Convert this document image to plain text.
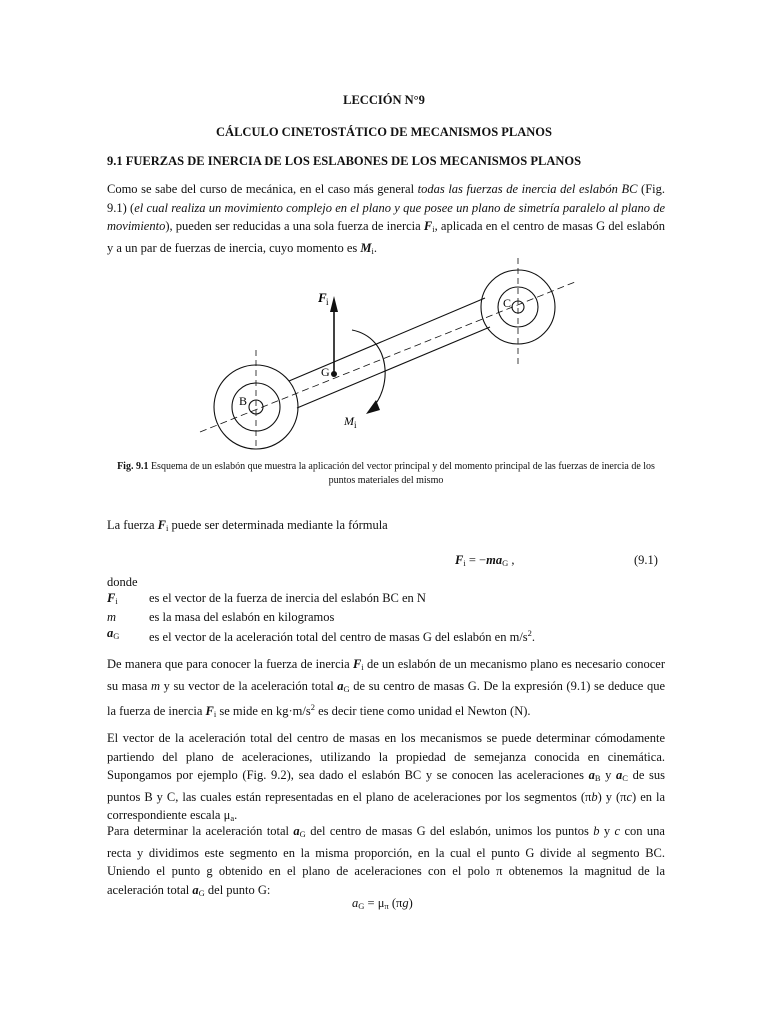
LECCIÓN N°9
CÁLCULO CINETOSTÁTICO DE MECANISMOS PLANOS
9.1 FUERZAS DE INERCIA DE LOS ESLABONES DE LOS MECANISMOS PLANOS
Como se sabe del curso de mecánica, en el caso más general todas las fuerzas de inercia del eslabón BC (Fig. 9.1) (el cual realiza un movimiento complejo en el plano y que posee un plano de simetría paralelo al plano de movimiento), pueden ser reducidas a una sola fuerza de inercia $F_i$, aplicada en el centro de masas G del eslabón y a un par de fuerzas de inercia, cuyo momento es $M_i$.
F i	C
G
B
M i
Fig. 9.1 Esquema de un eslabón que muestra la aplicación del vector principal y del momento principal de las fuerzas de inercia de los puntos materiales del mismo
La fuerza $F_i$ puede ser determinada mediante la fórmula
$F_i = -ma_G$ ,	(9.1)
donde
$F_i$	es el vector de la fuerza de inercia del eslabón BC en N
m	es la masa del eslabón en kilogramos
$a_G$	es el vector de la aceleración total del centro de masas G del eslabón en $m/s^2$.
De manera que para conocer la fuerza de inercia $F_i$ de un eslabón de un mecanismo plano es necesario conocer su masa m y su vector de la aceleración total $a_G$ de su centro de masas G. De la expresión (9.1) se deduce que la fuerza de inercia $F_i$ se mide en $kg\cdot m/s^2$ es decir tiene como unidad el Newton (N).
El vector de la aceleración total del centro de masas en los mecanismos se puede determinar cómodamente partiendo del plano de aceleraciones, utilizando la propiedad de semejanza conocida en cinemática. Supongamos por ejemplo (Fig. 9.2), sea dado el eslabón BC y se conocen las aceleraciones $a_B$ y $a_C$ de sus puntos B y C, las cuales están representadas en el plano de aceleraciones por los segmentos (πb) y (πc) en la correspondiente escala $\mu_a$.
Para determinar la aceleración total $a_G$ del centro de masas G del eslabón, unimos los puntos b y c con una recta y dividimos este segmento en la misma proporción, en la cual el punto G divide al segmento BC. Uniendo el punto g obtenido en el plano de aceleraciones con el polo π obtenemos la magnitud de la aceleración total $a_G$ del punto G:
$a_G = \mu_\pi$ (πg)
